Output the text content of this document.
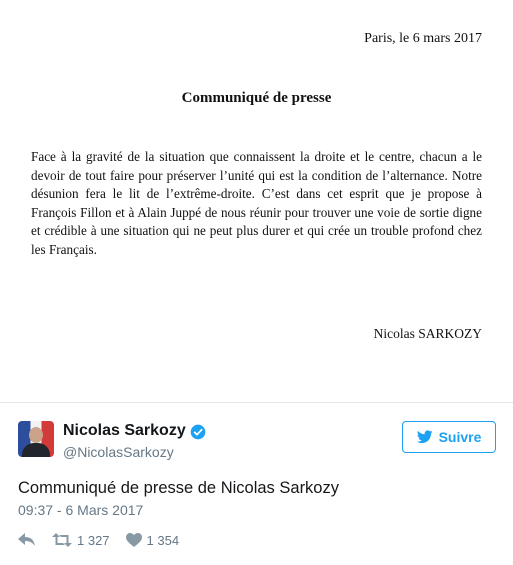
Paris, le 6 mars 2017
Communiqué de presse
Face à la gravité de la situation que connaissent la droite et le centre, chacun a le devoir de tout faire pour préserver l’unité qui est la condition de l’alternance. Notre désunion fera le lit de l’extrême-droite. C’est dans cet esprit que je propose à François Fillon et à Alain Juppé de nous réunir pour trouver une voie de sortie digne et crédible à une situation qui ne peut plus durer et qui crée un trouble profond chez les Français.
Nicolas SARKOZY
Nicolas Sarkozy
@NicolasSarkozy
Suivre
Communiqué de presse de Nicolas Sarkozy
09:37 - 6 Mars 2017
1 327	1 354
